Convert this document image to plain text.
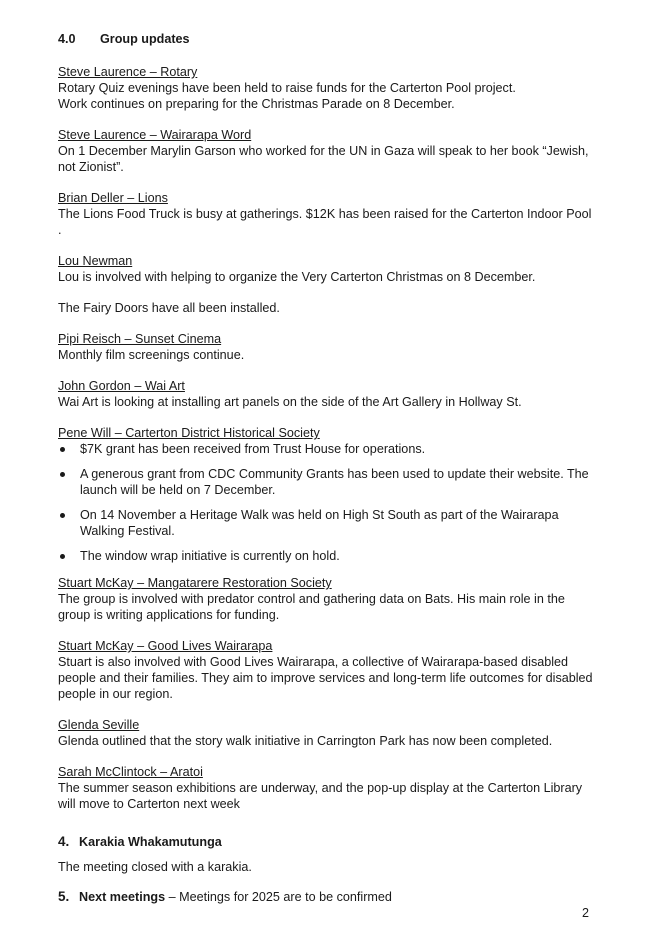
4.0 Group updates
Steve Laurence – Rotary

Rotary Quiz evenings have been held to raise funds for the Carterton Pool project.

Work continues on preparing for the Christmas Parade on 8 December.

Steve Laurence – Wairarapa Word

On 1 December Marylin Garson who worked for the UN in Gaza will speak to her book “Jewish, not Zionist”.

Brian Deller – Lions

The Lions Food Truck is busy at gatherings. $12K has been raised for the Carterton Indoor Pool .

Lou Newman

Lou is involved with helping to organize the Very Carterton Christmas on 8 December.

The Fairy Doors have all been installed.

Pipi Reisch – Sunset Cinema

Monthly film screenings continue.

John Gordon – Wai Art

Wai Art is looking at installing art panels on the side of the Art Gallery in Hollway St.

Pene Will – Carterton District Historical Society
$7K grant has been received from Trust House for operations.
A generous grant from CDC Community Grants has been used to update their website. The launch will be held on 7 December.
On 14 November a Heritage Walk was held on High St South as part of the Wairarapa Walking Festival.
The window wrap initiative is currently on hold.
Stuart McKay – Mangatarere Restoration Society

The group is involved with predator control and gathering data on Bats. His main role in the group is writing applications for funding.

Stuart McKay – Good Lives Wairarapa

Stuart is also involved with Good Lives Wairarapa, a collective of Wairarapa-based disabled people and their families. They aim to improve services and long-term life outcomes for disabled people in our region.

Glenda Seville

Glenda outlined that the story walk initiative in Carrington Park has now been completed.

Sarah McClintock – Aratoi

The summer season exhibitions are underway, and the pop-up display at the Carterton Library will move to Carterton next week

4. Karakia Whakamutunga

The meeting closed with a karakia.

5. Next meetings – Meetings for 2025 are to be confirmed
2
